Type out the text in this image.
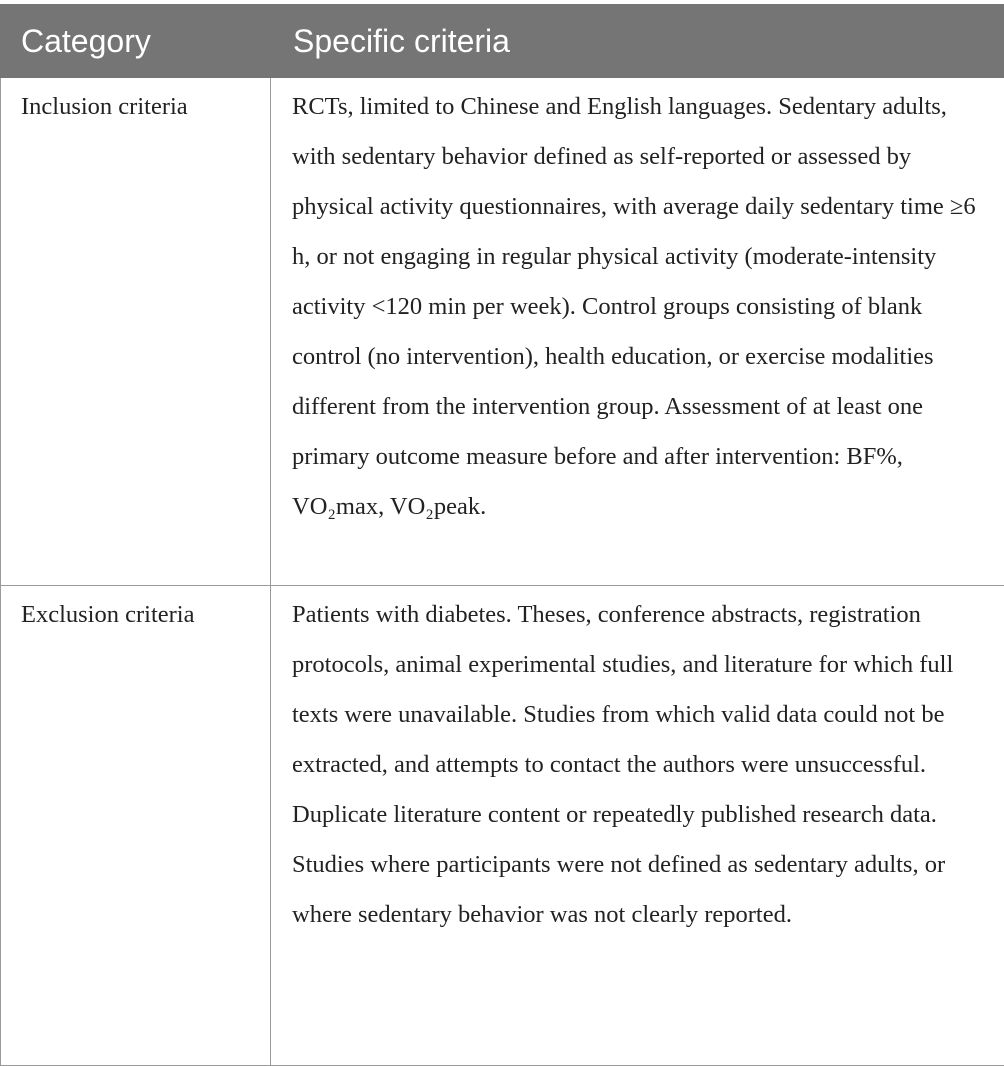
Category	Specific criteria
Inclusion criteria	RCTs, limited to Chinese and English languages. Sedentary adults, with sedentary behavior defined as self-reported or assessed by physical activity questionnaires, with average daily sedentary time ≥6 h, or not engaging in regular physical activity (moderate-intensity activity <120 min per week). Control groups consisting of blank control (no intervention), health education, or exercise modalities different from the intervention group. Assessment of at least one primary outcome measure before and after intervention: BF%, VO₂max, VO₂peak.
Exclusion criteria	Patients with diabetes. Theses, conference abstracts, registration protocols, animal experimental studies, and literature for which full texts were unavailable. Studies from which valid data could not be extracted, and attempts to contact the authors were unsuccessful. Duplicate literature content or repeatedly published research data. Studies where participants were not defined as sedentary adults, or where sedentary behavior was not clearly reported.
